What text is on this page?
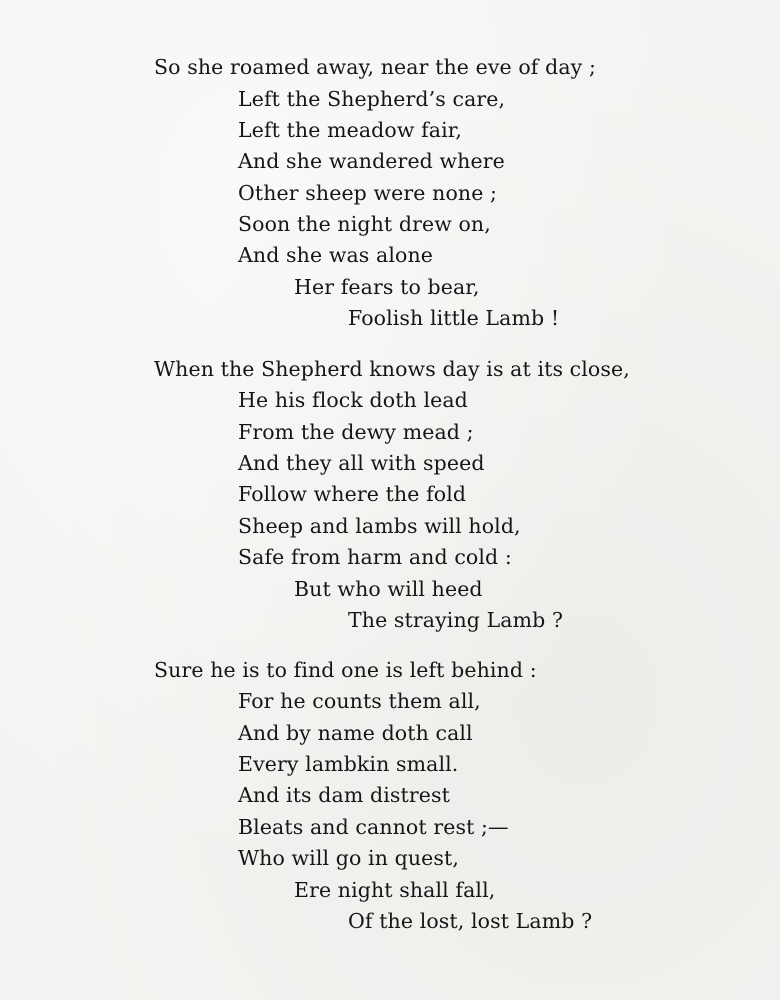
So she roamed away, near the eve of day ;
Left the Shepherd’s care,
Left the meadow fair,
And she wandered where
Other sheep were none ;
Soon the night drew on,
And she was alone
Her fears to bear,
Foolish little Lamb !
When the Shepherd knows day is at its close,
He his flock doth lead
From the dewy mead ;
And they all with speed
Follow where the fold
Sheep and lambs will hold,
Safe from harm and cold :
But who will heed
The straying Lamb ?
Sure he is to find one is left behind :
For he counts them all,
And by name doth call
Every lambkin small.
And its dam distrest
Bleats and cannot rest ;—
Who will go in quest,
Ere night shall fall,
Of the lost, lost Lamb ?
